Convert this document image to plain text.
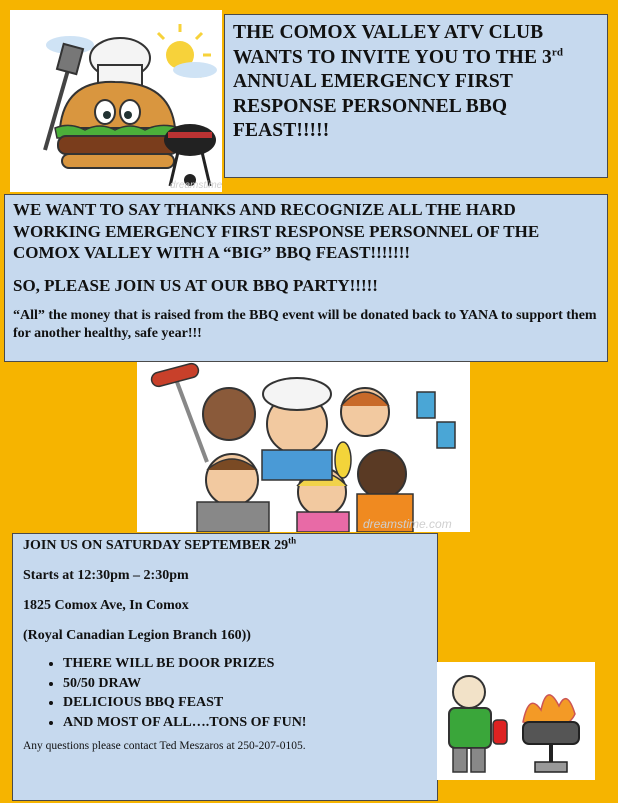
dreamstime
THE COMOX VALLEY ATV CLUB WANTS TO INVITE YOU TO THE 3rd ANNUAL EMERGENCY FIRST RESPONSE PERSONNEL BBQ FEAST!!!!!

WE WANT TO SAY THANKS AND RECOGNIZE ALL THE HARD WORKING EMERGENCY FIRST RESPONSE PERSONNEL OF THE COMOX VALLEY WITH A “BIG” BBQ FEAST!!!!!!!

SO, PLEASE JOIN US AT OUR BBQ PARTY!!!!!

“All” the money that is raised from the BBQ event will be donated back to YANA to support them for another healthy, safe year!!!

dreamstime.com

JOIN US ON SATURDAY SEPTEMBER 29th

Starts at 12:30pm – 2:30pm

1825 Comox Ave, In Comox

(Royal Canadian Legion Branch 160))

• THERE WILL BE DOOR PRIZES
• 50/50 DRAW
• DELICIOUS BBQ FEAST
• AND MOST OF ALL….TONS OF FUN!
Any questions please contact Ted Meszaros at 250-207-0105.
